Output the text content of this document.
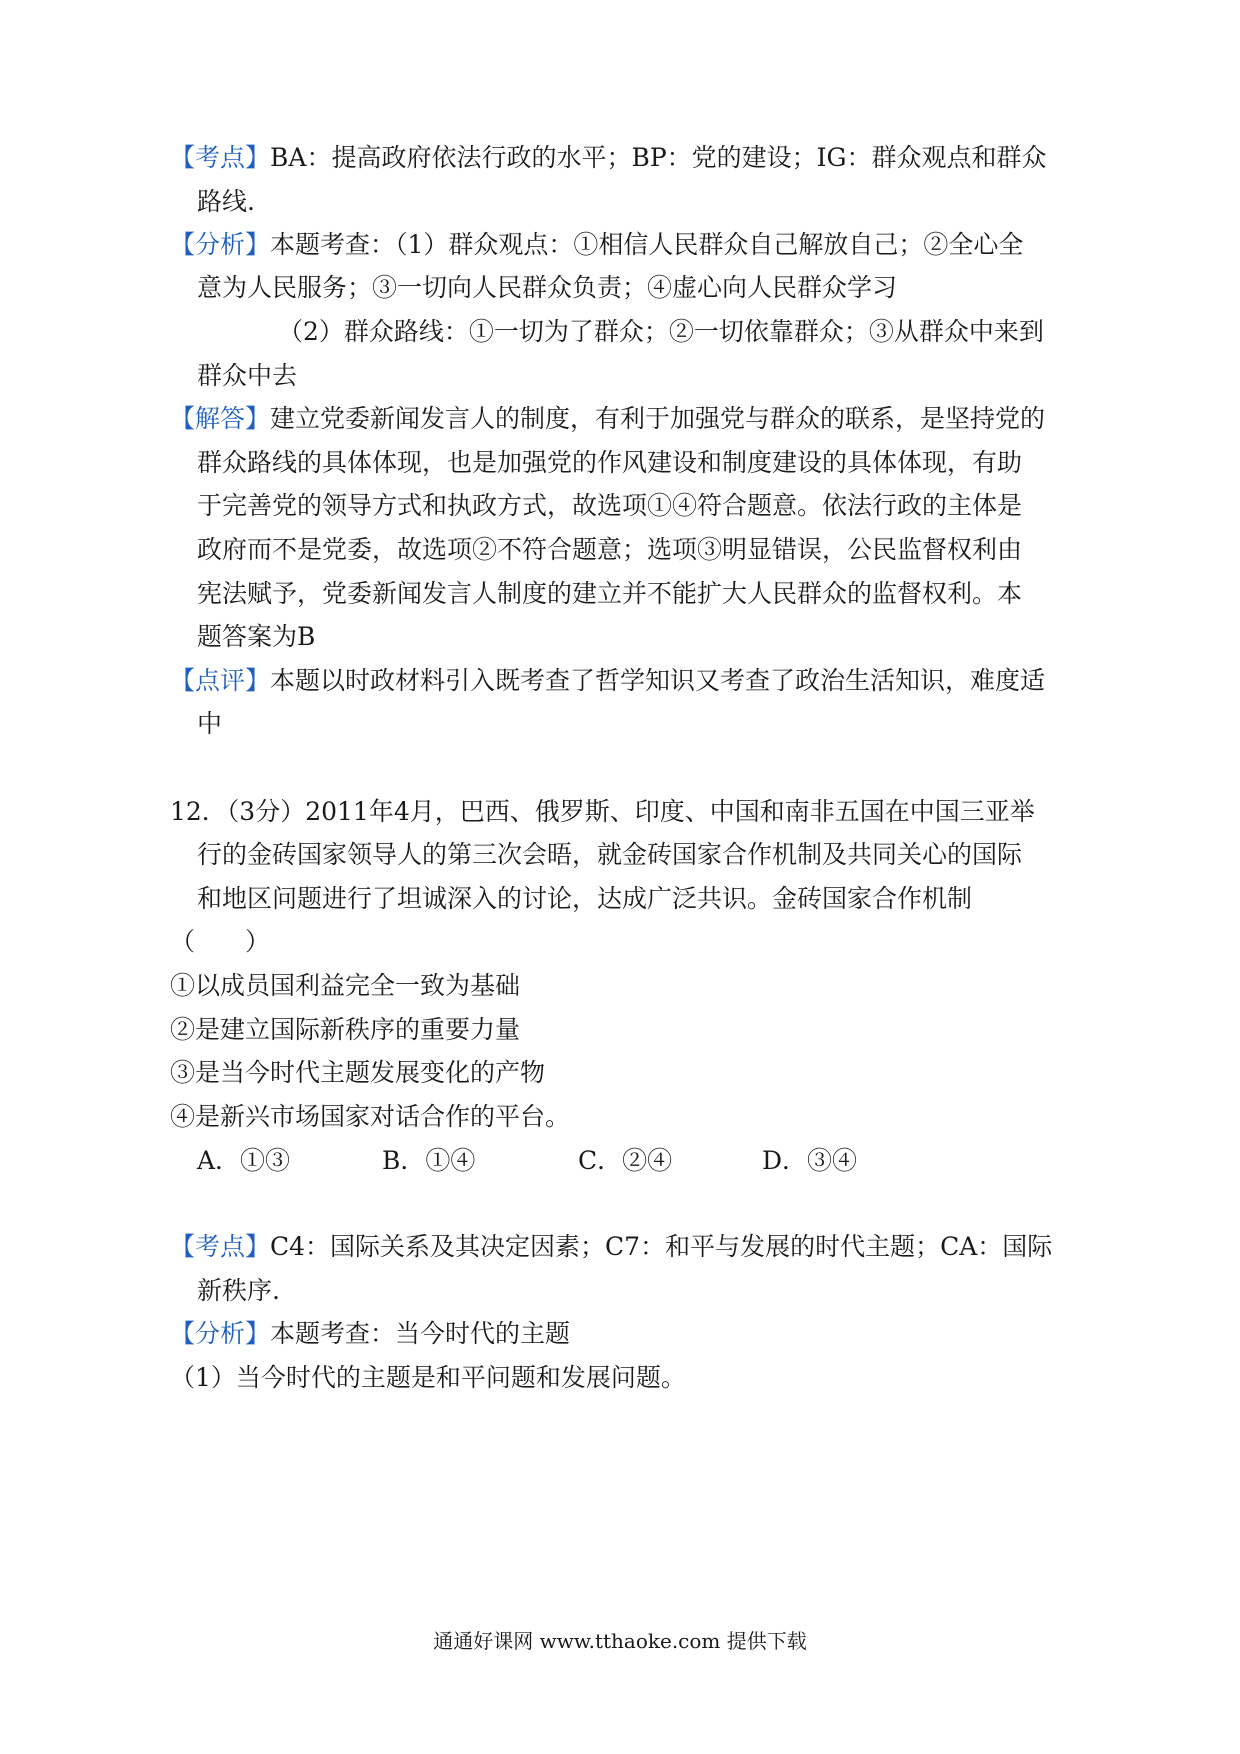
【考点】BA：提高政府依法行政的水平；BP：党的建设；IG：群众观点和群众
路线.
【分析】本题考查：（1）群众观点：①相信人民群众自己解放自己；②全心全
意为人民服务；③一切向人民群众负责；④虚心向人民群众学习
（2）群众路线：①一切为了群众；②一切依靠群众；③从群众中来到
群众中去
【解答】建立党委新闻发言人的制度，有利于加强党与群众的联系，是坚持党的
群众路线的具体体现，也是加强党的作风建设和制度建设的具体体现，有助
于完善党的领导方式和执政方式，故选项①④符合题意。依法行政的主体是
政府而不是党委，故选项②不符合题意；选项③明显错误，公民监督权利由
宪法赋予，党委新闻发言人制度的建立并不能扩大人民群众的监督权利。本
题答案为B
【点评】本题以时政材料引入既考查了哲学知识又考查了政治生活知识，难度适
中
12．（3分）2011年4月，巴西、俄罗斯、印度、中国和南非五国在中国三亚举
行的金砖国家领导人的第三次会晤，就金砖国家合作机制及共同关心的国际
和地区问题进行了坦诚深入的讨论，达成广泛共识。金砖国家合作机制
（　　）
①以成员国利益完全一致为基础
②是建立国际新秩序的重要力量
③是当今时代主题发展变化的产物
④是新兴市场国家对话合作的平台。
A．①③	B．①④	C．②④	D．③④
【考点】C4：国际关系及其决定因素；C7：和平与发展的时代主题；CA：国际
新秩序.
【分析】本题考查：当今时代的主题
（1）当今时代的主题是和平问题和发展问题。
通通好课网 www.tthaoke.com 提供下载
